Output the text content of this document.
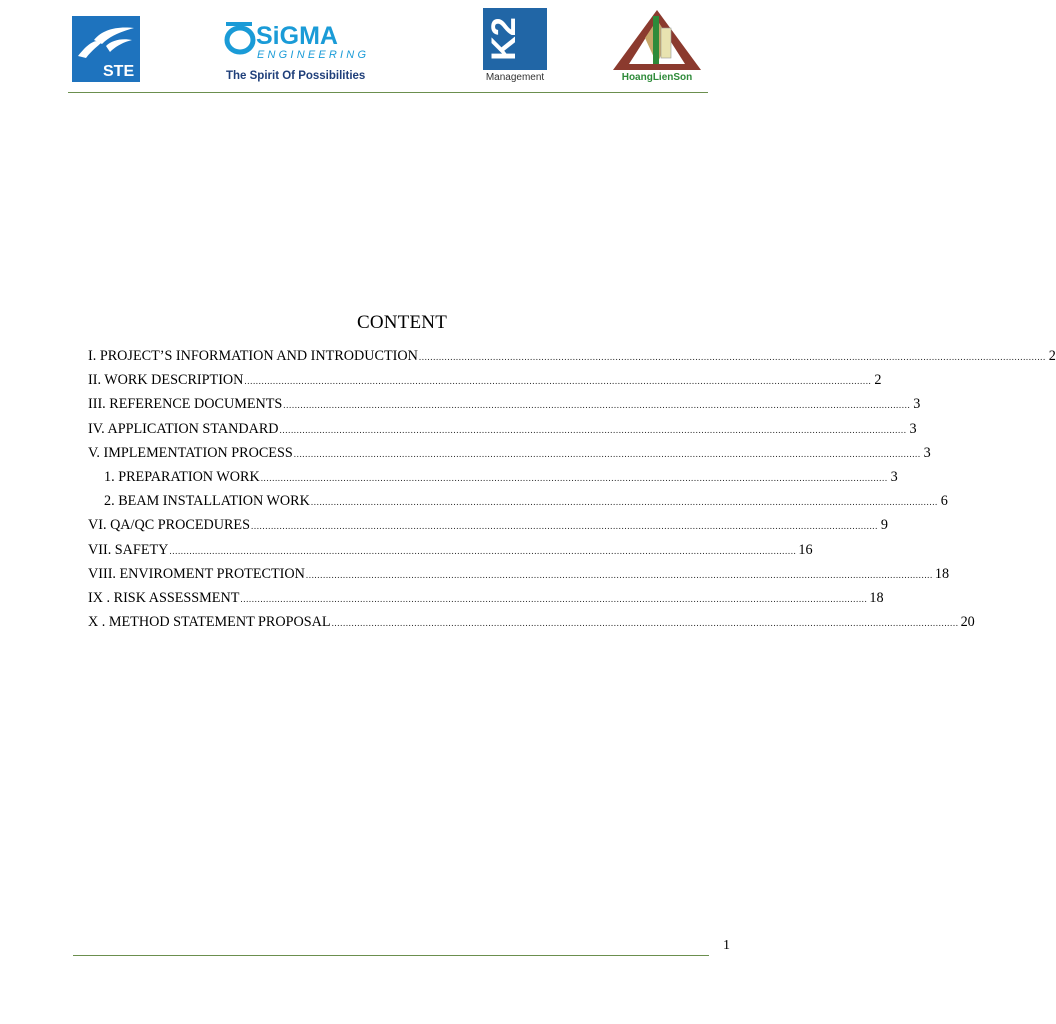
STE
SiGMA
ENGINEERING
The Spirit Of Possibilities
K2
Management	HoangLienSon
CONTENT
I. PROJECT’S INFORMATION AND INTRODUCTION ............................................................................................................................................................................................................................ 2
II. WORK DESCRIPTION ............................................................................................................................................................................................................................ 2
III. REFERENCE DOCUMENTS ............................................................................................................................................................................................................................ 3
IV. APPLICATION STANDARD ............................................................................................................................................................................................................................ 3
V. IMPLEMENTATION PROCESS ............................................................................................................................................................................................................................ 3
1. PREPARATION WORK ............................................................................................................................................................................................................................ 3
2. BEAM INSTALLATION WORK ............................................................................................................................................................................................................................ 6
VI. QA/QC PROCEDURES ............................................................................................................................................................................................................................ 9
VII. SAFETY ............................................................................................................................................................................................................................ 16
VIII. ENVIROMENT PROTECTION ............................................................................................................................................................................................................................ 18
IX . RISK ASSESSMENT ............................................................................................................................................................................................................................ 18
X . METHOD STATEMENT PROPOSAL ............................................................................................................................................................................................................................ 20
1
